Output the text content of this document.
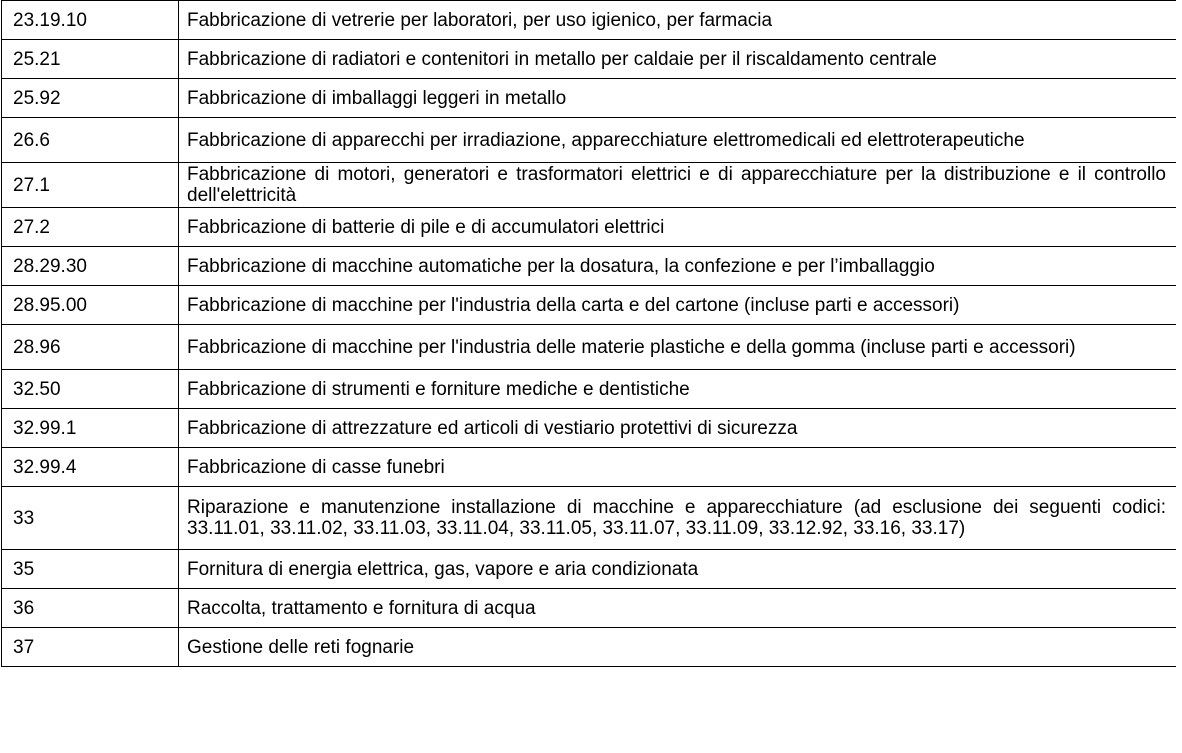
23.19.10	Fabbricazione di vetrerie per laboratori, per uso igienico, per farmacia
25.21	Fabbricazione di radiatori e contenitori in metallo per caldaie per il riscaldamento centrale
25.92	Fabbricazione di imballaggi leggeri in metallo
26.6	Fabbricazione di apparecchi per irradiazione, apparecchiature elettromedicali ed elettroterapeutiche
27.1	Fabbricazione di motori, generatori e trasformatori elettrici e di apparecchiature per la distribuzione e il controllo dell'elettricità
27.2	Fabbricazione di batterie di pile e di accumulatori elettrici
28.29.30	Fabbricazione di macchine automatiche per la dosatura, la confezione e per l’imballaggio
28.95.00	Fabbricazione di macchine per l'industria della carta e del cartone (incluse parti e accessori)
28.96	Fabbricazione di macchine per l'industria delle materie plastiche e della gomma (incluse parti e accessori)
32.50	Fabbricazione di strumenti e forniture mediche e dentistiche
32.99.1	Fabbricazione di attrezzature ed articoli di vestiario protettivi di sicurezza
32.99.4	Fabbricazione di casse funebri
33	Riparazione e manutenzione installazione di macchine e apparecchiature (ad esclusione dei seguenti codici: 33.11.01, 33.11.02, 33.11.03, 33.11.04, 33.11.05, 33.11.07, 33.11.09, 33.12.92, 33.16, 33.17)
35	Fornitura di energia elettrica, gas, vapore e aria condizionata
36	Raccolta, trattamento e fornitura di acqua
37	Gestione delle reti fognarie
